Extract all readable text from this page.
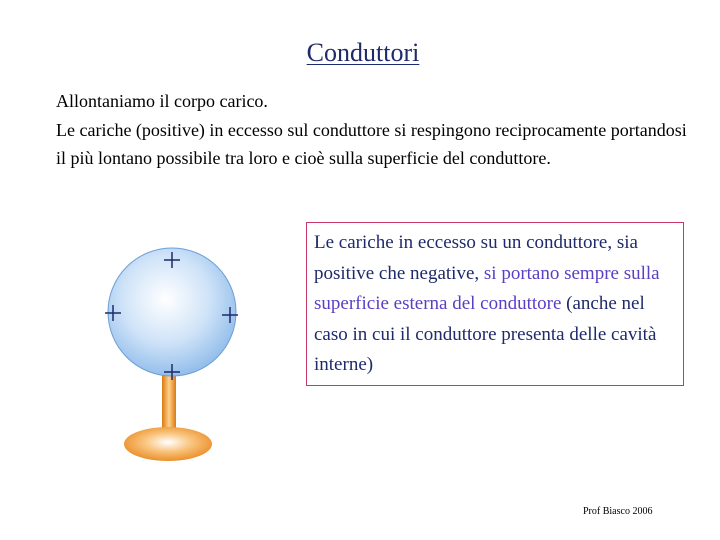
Conduttori

Allontaniamo il corpo carico.

Le cariche (positive) in eccesso sul conduttore si respingono reciprocamente portandosi il più lontano possibile tra loro e cioè sulla superficie del conduttore.

Le cariche in eccesso su un conduttore, sia positive che negative, si portano sempre sulla superficie esterna del conduttore (anche nel caso in cui il conduttore presenta delle cavità interne)
Prof Biasco 2006
